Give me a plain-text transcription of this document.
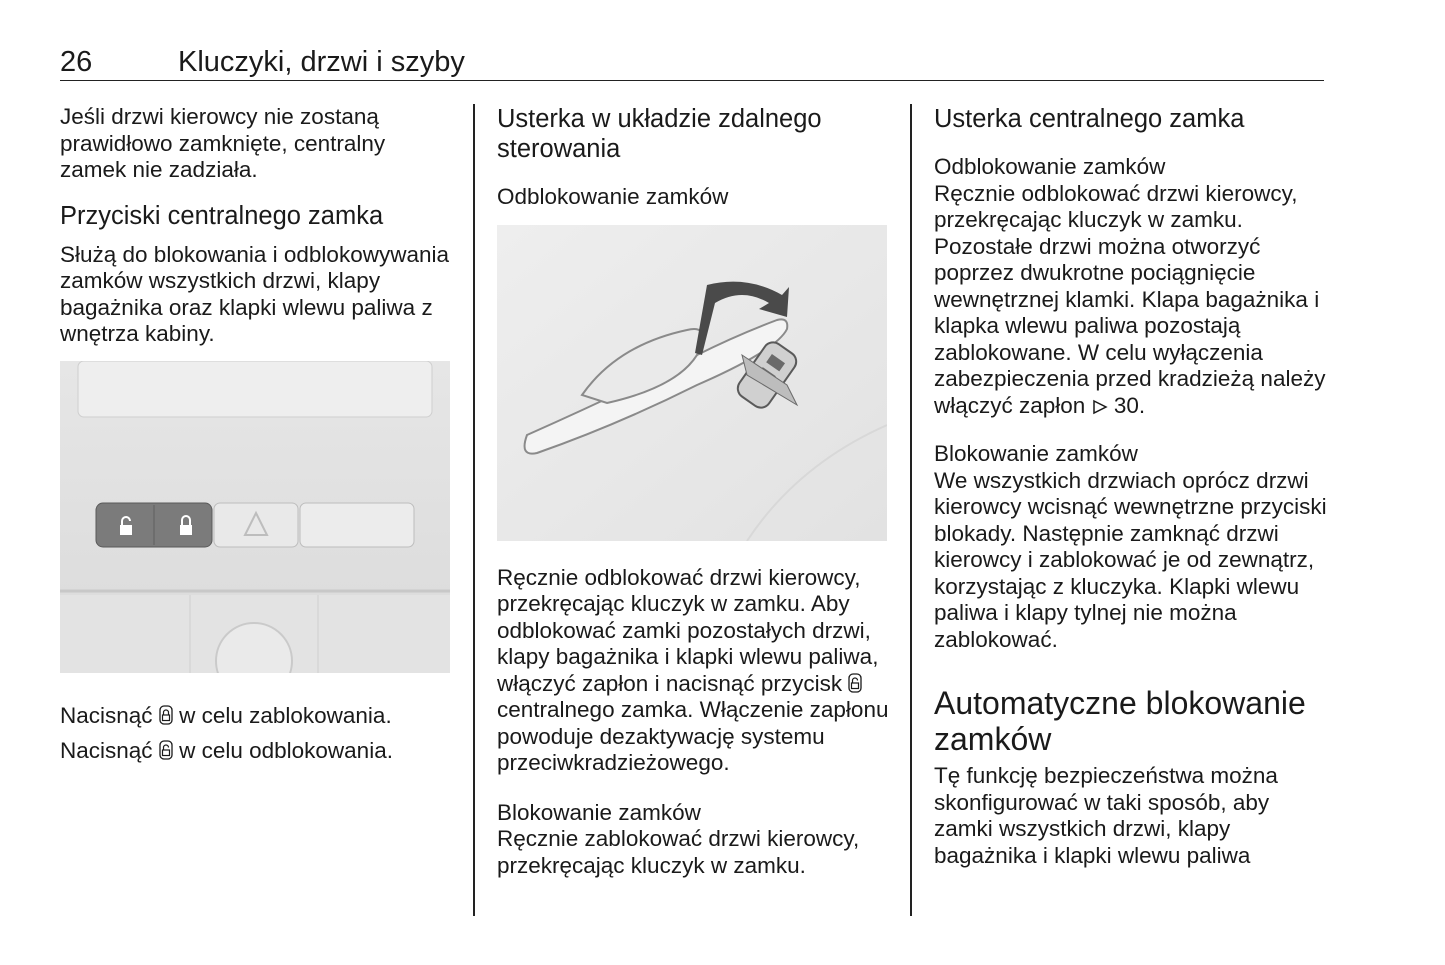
26	Kluczyki, drzwi i szyby

Jeśli drzwi kierowcy nie zostaną prawidłowo zamknięte, centralny zamek nie zadziała.

Przyciski centralnego zamka

Służą do blokowania i odblokowywania zamków wszystkich drzwi, klapy bagażnika oraz klapki wlewu paliwa z wnętrza kabiny.

Nacisnąć w celu zablokowania.

Nacisnąć w celu odblokowania.

Usterka w układzie zdalnego sterowania
Odblokowanie zamków

Ręcznie odblokować drzwi kierowcy, przekręcając kluczyk w zamku. Aby odblokować zamki pozostałych drzwi, klapy bagażnika i klapki wlewu paliwa, włączyć zapłon i nacisnąć przycisk  centralnego zamka. Włączenie zapłonu powoduje dezaktywację systemu przeciwkradzieżowego.

Blokowanie zamków

Ręcznie zablokować drzwi kierowcy, przekręcając kluczyk w zamku.

Usterka centralnego zamka
Odblokowanie zamków

Ręcznie odblokować drzwi kierowcy, przekręcając kluczyk w zamku. Pozostałe drzwi można otworzyć poprzez dwukrotne pociągnięcie wewnętrznej klamki. Klapa bagażnika i klapka wlewu paliwa pozostają zablokowane. W celu wyłączenia zabezpieczenia przed kradzieżą należy włączyć zapłon 30.

Blokowanie zamków

We wszystkich drzwiach oprócz drzwi kierowcy wcisnąć wewnętrzne przyciski blokady. Następnie zamknąć drzwi kierowcy i zablokować je od zewnątrz, korzystając z kluczyka. Klapki wlewu paliwa i klapy tylnej nie można zablokować.

Automatyczne blokowanie zamków

Tę funkcję bezpieczeństwa można skonfigurować w taki sposób, aby zamki wszystkich drzwi, klapy bagażnika i klapki wlewu paliwa
